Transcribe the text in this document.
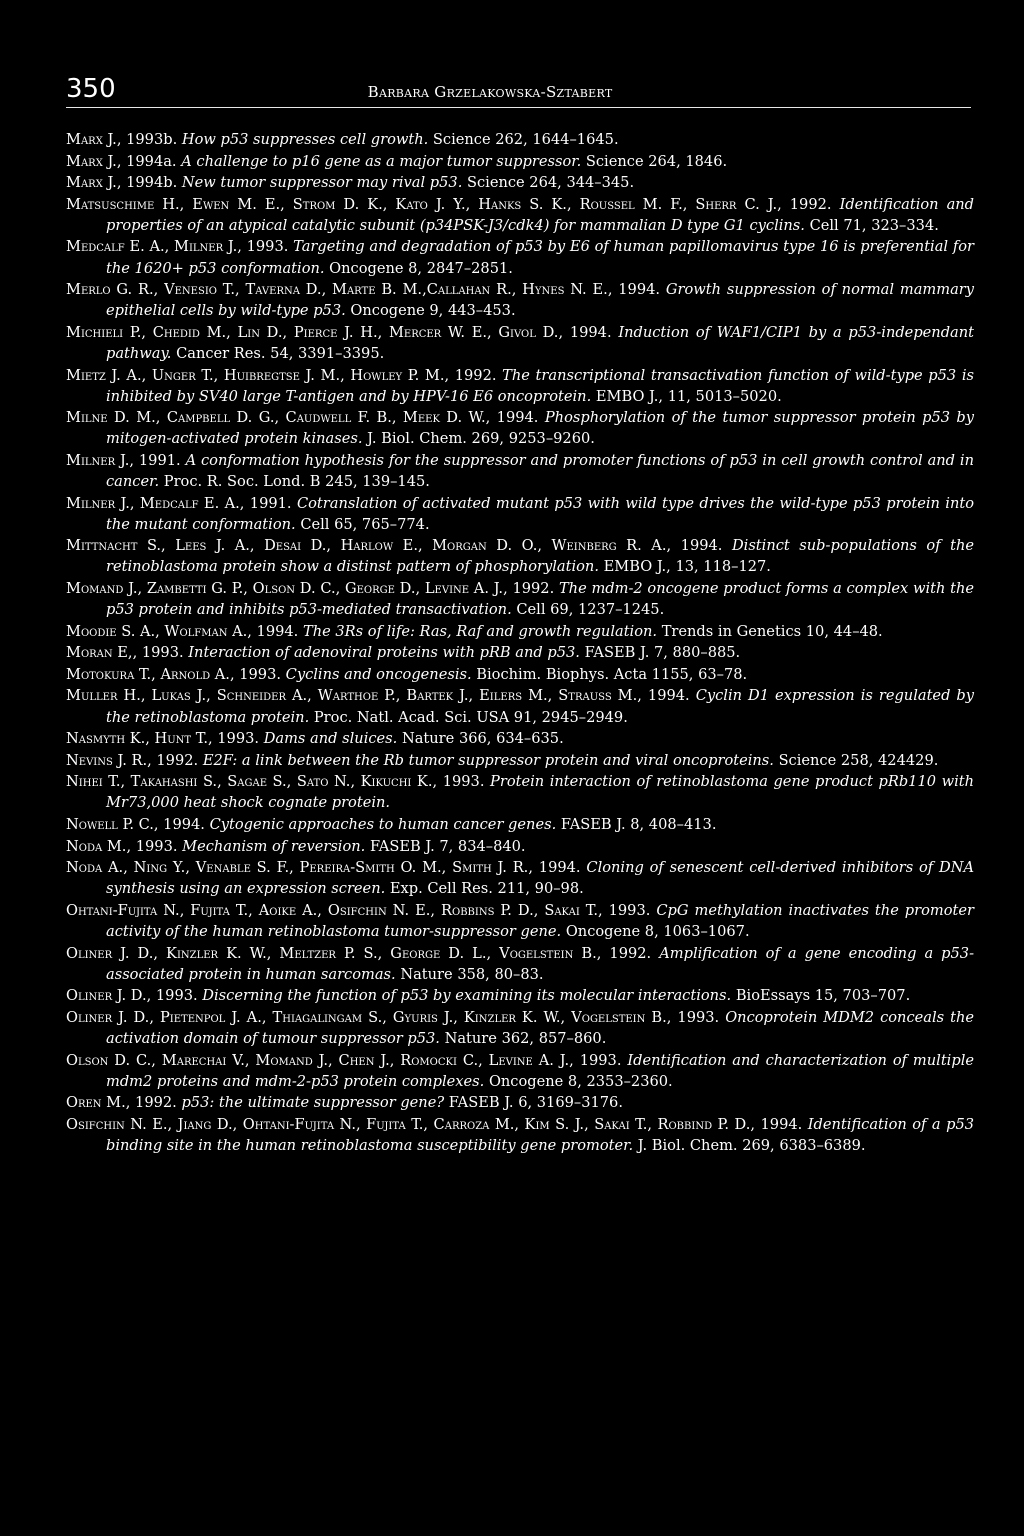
350	Barbara Grzelakowska-Sztabert

Marx J., 1993b. How p53 suppresses cell growth. Science 262, 1644–1645.

Marx J., 1994a. A challenge to p16 gene as a major tumor suppressor. Science 264, 1846.

Marx J., 1994b. New tumor suppressor may rival p53. Science 264, 344–345.

Matsuschime H., Ewen M. E., Strom D. K., Kato J. Y., Hanks S. K., Roussel M. F., Sherr C. J., 1992. Identification and properties of an atypical catalytic subunit (p34PSK-J3/cdk4) for mammalian D type G1 cyclins. Cell 71, 323–334.

Medcalf E. A., Milner J., 1993. Targeting and degradation of p53 by E6 of human papillomavirus type 16 is preferential for the 1620+ p53 conformation. Oncogene 8, 2847–2851.

Merlo G. R., Venesio T., Taverna D., Marte B. M.,Callahan R., Hynes N. E., 1994. Growth suppression of normal mammary epithelial cells by wild-type p53. Oncogene 9, 443–453.

Michieli P., Chedid M., Lin D., Pierce J. H., Mercer W. E., Givol D., 1994. Induction of WAF1/CIP1 by a p53-independant pathway. Cancer Res. 54, 3391–3395.

Mietz J. A., Unger T., Huibregtse J. M., Howley P. M., 1992. The transcriptional transactivation function of wild-type p53 is inhibited by SV40 large T-antigen and by HPV-16 E6 oncoprotein. EMBO J., 11, 5013–5020.

Milne D. M., Campbell D. G., Caudwell F. B., Meek D. W., 1994. Phosphorylation of the tumor suppressor protein p53 by mitogen-activated protein kinases. J. Biol. Chem. 269, 9253–9260.

Milner J., 1991. A conformation hypothesis for the suppressor and promoter functions of p53 in cell growth control and in cancer. Proc. R. Soc. Lond. B 245, 139–145.

Milner J., Medcalf E. A., 1991. Cotranslation of activated mutant p53 with wild type drives the wild-type p53 protein into the mutant conformation. Cell 65, 765–774.

Mittnacht S., Lees J. A., Desai D., Harlow E., Morgan D. O., Weinberg R. A., 1994. Distinct sub-populations of the retinoblastoma protein show a distinst pattern of phosphorylation. EMBO J., 13, 118–127.

Momand J., Zambetti G. P., Olson D. C., George D., Levine A. J., 1992. The mdm-2 oncogene product forms a complex with the p53 protein and inhibits p53-mediated transactivation. Cell 69, 1237–1245.

Moodie S. A., Wolfman A., 1994. The 3Rs of life: Ras, Raf and growth regulation. Trends in Genetics 10, 44–48.

Moran E,, 1993. Interaction of adenoviral proteins with pRB and p53. FASEB J. 7, 880–885.

Motokura T., Arnold A., 1993. Cyclins and oncogenesis. Biochim. Biophys. Acta 1155, 63–78.

Muller H., Lukas J., Schneider A., Warthoe P., Bartek J., Eilers M., Strauss M., 1994. Cyclin D1 expression is regulated by the retinoblastoma protein. Proc. Natl. Acad. Sci. USA 91, 2945–2949.

Nasmyth K., Hunt T., 1993. Dams and sluices. Nature 366, 634–635.

Nevins J. R., 1992. E2F: a link between the Rb tumor suppressor protein and viral oncoproteins. Science 258, 424429.

Nihei T., Takahashi S., Sagae S., Sato N., Kikuchi K., 1993. Protein interaction of retinoblastoma gene product pRb110 with Mr73,000 heat shock cognate protein.

Nowell P. C., 1994. Cytogenic approaches to human cancer genes. FASEB J. 8, 408–413.

Noda M., 1993. Mechanism of reversion. FASEB J. 7, 834–840.

Noda A., Ning Y., Venable S. F., Pereira-Smith O. M., Smith J. R., 1994. Cloning of senescent cell-derived inhibitors of DNA synthesis using an expression screen. Exp. Cell Res. 211, 90–98.

Ohtani-Fujita N., Fujita T., Aoike A., Osifchin N. E., Robbins P. D., Sakai T., 1993. CpG methylation inactivates the promoter activity of the human retinoblastoma tumor-suppressor gene. Oncogene 8, 1063–1067.

Oliner J. D., Kinzler K. W., Meltzer P. S., George D. L., Vogelstein B., 1992. Amplification of a gene encoding a p53-associated protein in human sarcomas. Nature 358, 80–83.

Oliner J. D., 1993. Discerning the function of p53 by examining its molecular interactions. BioEssays 15, 703–707.

Oliner J. D., Pietenpol J. A., Thiagalingam S., Gyuris J., Kinzler K. W., Vogelstein B., 1993. Oncoprotein MDM2 conceals the activation domain of tumour suppressor p53. Nature 362, 857–860.

Olson D. C., Marechai V., Momand J., Chen J., Romocki C., Levine A. J., 1993. Identification and characterization of multiple mdm2 proteins and mdm-2-p53 protein complexes. Oncogene 8, 2353–2360.

Oren M., 1992. p53: the ultimate suppressor gene? FASEB J. 6, 3169–3176.

Osifchin N. E., Jiang D., Ohtani-Fujita N., Fujita T., Carroza M., Kim S. J., Sakai T., Robbind P. D., 1994. Identification of a p53 binding site in the human retinoblastoma susceptibility gene promoter. J. Biol. Chem. 269, 6383–6389.
